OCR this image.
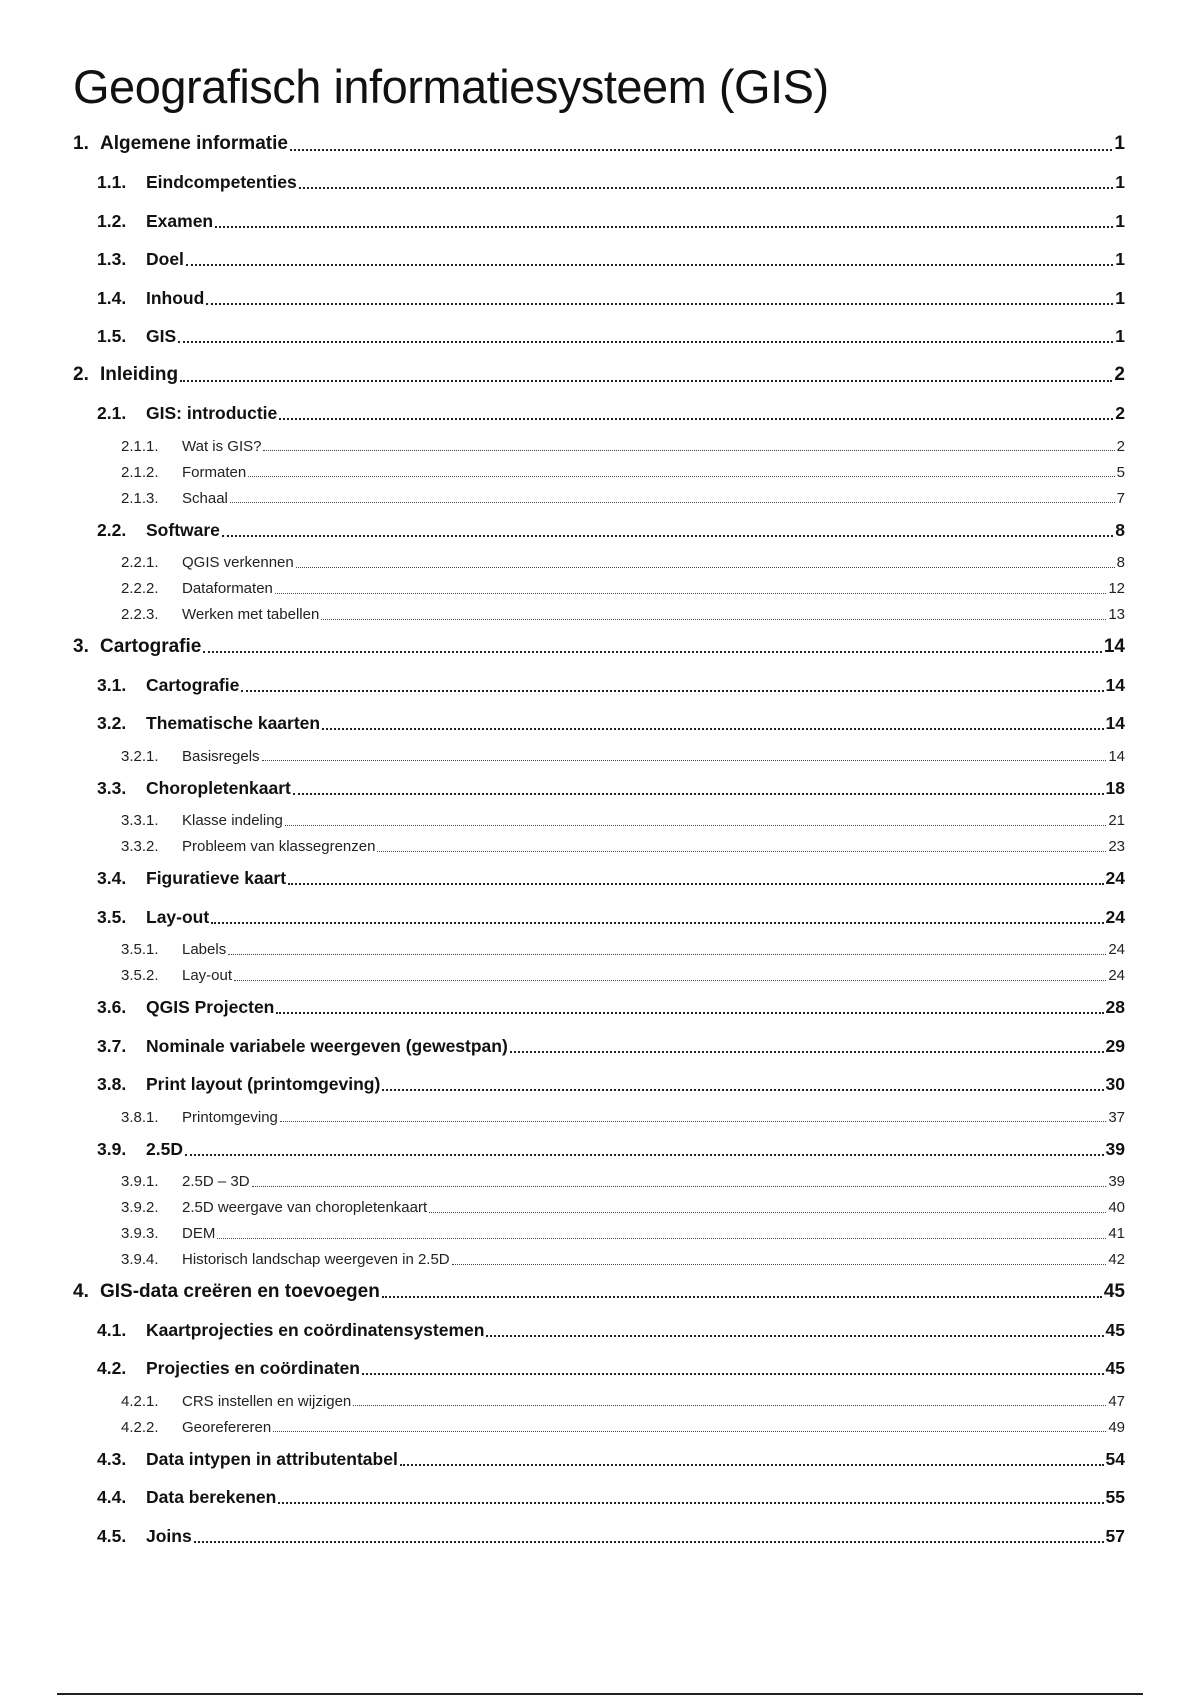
Geografisch informatiesysteem (GIS)
1. Algemene informatie	1
1.1.	Eindcompetenties	1
1.2.	Examen	1
1.3.	Doel	1
1.4.	Inhoud	1
1.5.	GIS	1
2. Inleiding	2
2.1.	GIS: introductie	2
2.1.1.	Wat is GIS?	2
2.1.2.	Formaten	5
2.1.3.	Schaal	7
2.2.	Software	8
2.2.1.	QGIS verkennen	8
2.2.2.	Dataformaten	12
2.2.3.	Werken met tabellen	13
3. Cartografie	14
3.1.	Cartografie	14
3.2.	Thematische kaarten	14
3.2.1.	Basisregels	14
3.3.	Choropletenkaart	18
3.3.1.	Klasse indeling	21
3.3.2.	Probleem van klassegrenzen	23
3.4.	Figuratieve kaart	24
3.5.	Lay-out	24
3.5.1.	Labels	24
3.5.2.	Lay-out	24
3.6.	QGIS Projecten	28
3.7.	Nominale variabele weergeven (gewestpan)	29
3.8.	Print layout (printomgeving)	30
3.8.1.	Printomgeving	37
3.9.	2.5D	39
3.9.1.	2.5D – 3D	39
3.9.2.	2.5D weergave van choropletenkaart	40
3.9.3.	DEM	41
3.9.4.	Historisch landschap weergeven in 2.5D	42
4. GIS-data creëren en toevoegen	45
4.1.	Kaartprojecties en coördinatensystemen	45
4.2.	Projecties en coördinaten	45
4.2.1.	CRS instellen en wijzigen	47
4.2.2.	Georefereren	49
4.3.	Data intypen in attributentabel	54
4.4.	Data berekenen	55
4.5.	Joins	57
